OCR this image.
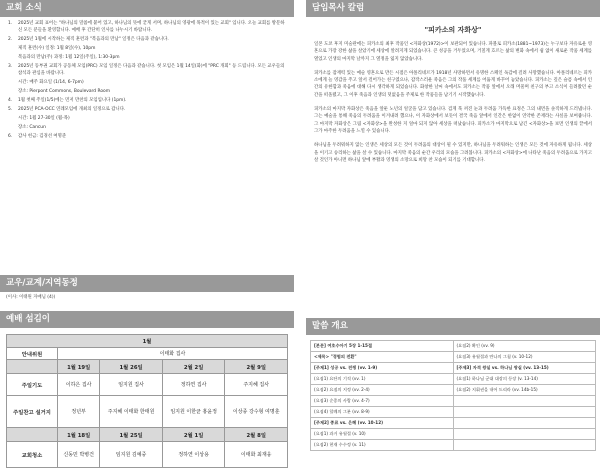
교회 소식
1.	2025년 교회 표어는 "하나님의 말씀에 붙어 있고, 하나님의 뜻에 굳게 서며, 하나님의 영광에 목적이 있는 교회" 입니다. 오늘 교회를 방문하신 모든 분들을 환영합니다. 예배 후 간단히 인사를 나누시기 바랍니다.
2.	2025년 1월에 시작하는 제직 훈련과 "복음과의 만남" 일정은 다음과 같습니다.
제직 훈련(수) 일정: 1월 8일(수), 10pm
복음과의 만남(주) 과정: 1월 12일(주일), 1:30-3pm
3.	2025년 동부권 교회가 공동체 모임(PRC) 모임 일정은 다음과 같습니다. 첫 모임은 1월 14일(화)에 "PRC 개회" 등 드립니다. 모든 교우들의 참석과 관심을 바랍니다.
시간: 매주 화요일 (1/14, 6-7pm)
장소: Pierpont Commons, Boulevard Room
4.	1월 첫째 주일(1/5)에는 먼저 만찬의 모임입니다 (1pm).
5.	2025년 PCA-OCC 연례모임에 개최의 일정으로 갑니다.
시간: 1월 27-30일 (월-목)
장소: Cancun
6.	감사 헌금: 김경선 여명준
교우/교계/지역동정
(이사: 이태원 자매님 (4))
예배 섬김이
1월				
안내위원	이태화 집사			
	1월 19일	1월 26일	2월 2일	2월 9일
주일기도	이하은 집사	임지원 집사	정하연 집사	주지혜 집사
주일찬고 설거지	정년부	주지혜 이태화 한태원	임지원 이한균 홍윤정	이상종 강수형 여명훈
	1월 18일	1월 25일	2월 1일	2월 8일
교회청소	신동민 박병건	임지원 김예중	정하연 이상용	이태화 최재웅
담임목사 칼럼
"피카소의 자화상"

일본 도쿄 후지 미술관에는 피카소의 최후 작품인 <자화상(1972)>이 보관되어 있습니다. 파블로 피카소(1881~1973)는 누구보다 자유로운 영혼으로 가장 강한 삶을 살았기에 세상에 알려지게 되었습니다. 큰 성공을 거두었으며, 거칠게 흐르는 삶의 변화 속에서 쉼 없이 새로운 작품 세계를 열었고 인생의 마지막 날까지 그 열정을 잃지 않았습니다.

피카소를 잠재력 있는 예술 영혼으로 만든 시점은 아폴리네르가 1918년 사망하면서 유명한 스페인 독감에 걸려 사망했습니다. 아폴리네르는 피카소에게 늘 영감을 주고 앞서 걸어가는 친구였으나, 갑작스러운 죽음은 그의 작품 세계를 어둡게 바꾸어 놓았습니다. 피카소는 깊은 슬픔 속에서 인간의 유한함과 죽음에 대해 다시 생각하게 되었습니다. 화창한 날씨 속에서도 피카소는 작품 앞에서 오래 머물며 친구의 부고 소식이 들려왔던 순간을 떠올렸고, 그 이후 죽음과 인생의 덧없음을 주제로 한 작품들을 남기기 시작했습니다.

피카소의 마지막 자화상은 죽음을 앞둔 노년의 얼굴을 담고 있습니다. 검게 푹 꺼진 눈과 두려움 가득한 표정은 그의 내면을 솔직하게 드러냅니다. 그는 예술을 통해 죽음의 두려움을 이겨내려 했으나, 이 자화상에서 보듯이 결국 죽음 앞에서 인간은 한없이 연약한 존재라는 사실을 보여줍니다. 그 마지막 자화상은 그림 <자화상>을 완성한 지 얼마 되지 않아 세상을 떠났습니다. 피카소가 마지막으로 남긴 <자화상>을 보면 인생의 끝에서 그가 마주한 두려움을 느낄 수 있습니다.

하나님을 두려워하지 않는 인생은 세상의 모든 것이 두려움의 대상이 될 수 있지만, 하나님을 두려워하는 인생은 모든 것에 자유하게 됩니다. 세상을 이기고 승리하는 삶을 살 수 있습니다. 마지막 죽음의 순간 우리의 모습을 그려봅니다. 피카소의 <자화상>에 나타난 죽음의 두려움으로 가지고 살 것인가 아니면 하나님 앞에 부활과 영생의 소망으로 희망 찬 모습이 되기를 기대합니다.

말씀 개요
[본문] 여호수아기 5장 1-15절	(요점2) 확인 (vv. 9)
<제목> "경험의 전환"	(요점3) 유월절과 만나의 그침 (v. 10-12)
[주제1] 성공 vs. 전쟁 (vv. 1-9)	[주제3] 자격 왕실 vs. 하나님 왕실 (vv. 13-15)
(요점1) 요단의 기적 (vv. 1)	(요점1) 하나님 군대 대장의 등장 (v. 13-14)
(요점2) 요점의 지정 (vv. 2-4)	(요점2) 지휘권을 내어 드리라 (vv. 14b-15)
(요점3) 순종의 사람 (vv. 4-7)	
(요점4) 할례의 그분 (vv. 8-9)	
[주제2] 종료 vs. 은혜 (vv. 10-12)	
(요점1) 과거 유월절 (v. 10)	
(요점2) 현재 수수정 (v. 11)	
